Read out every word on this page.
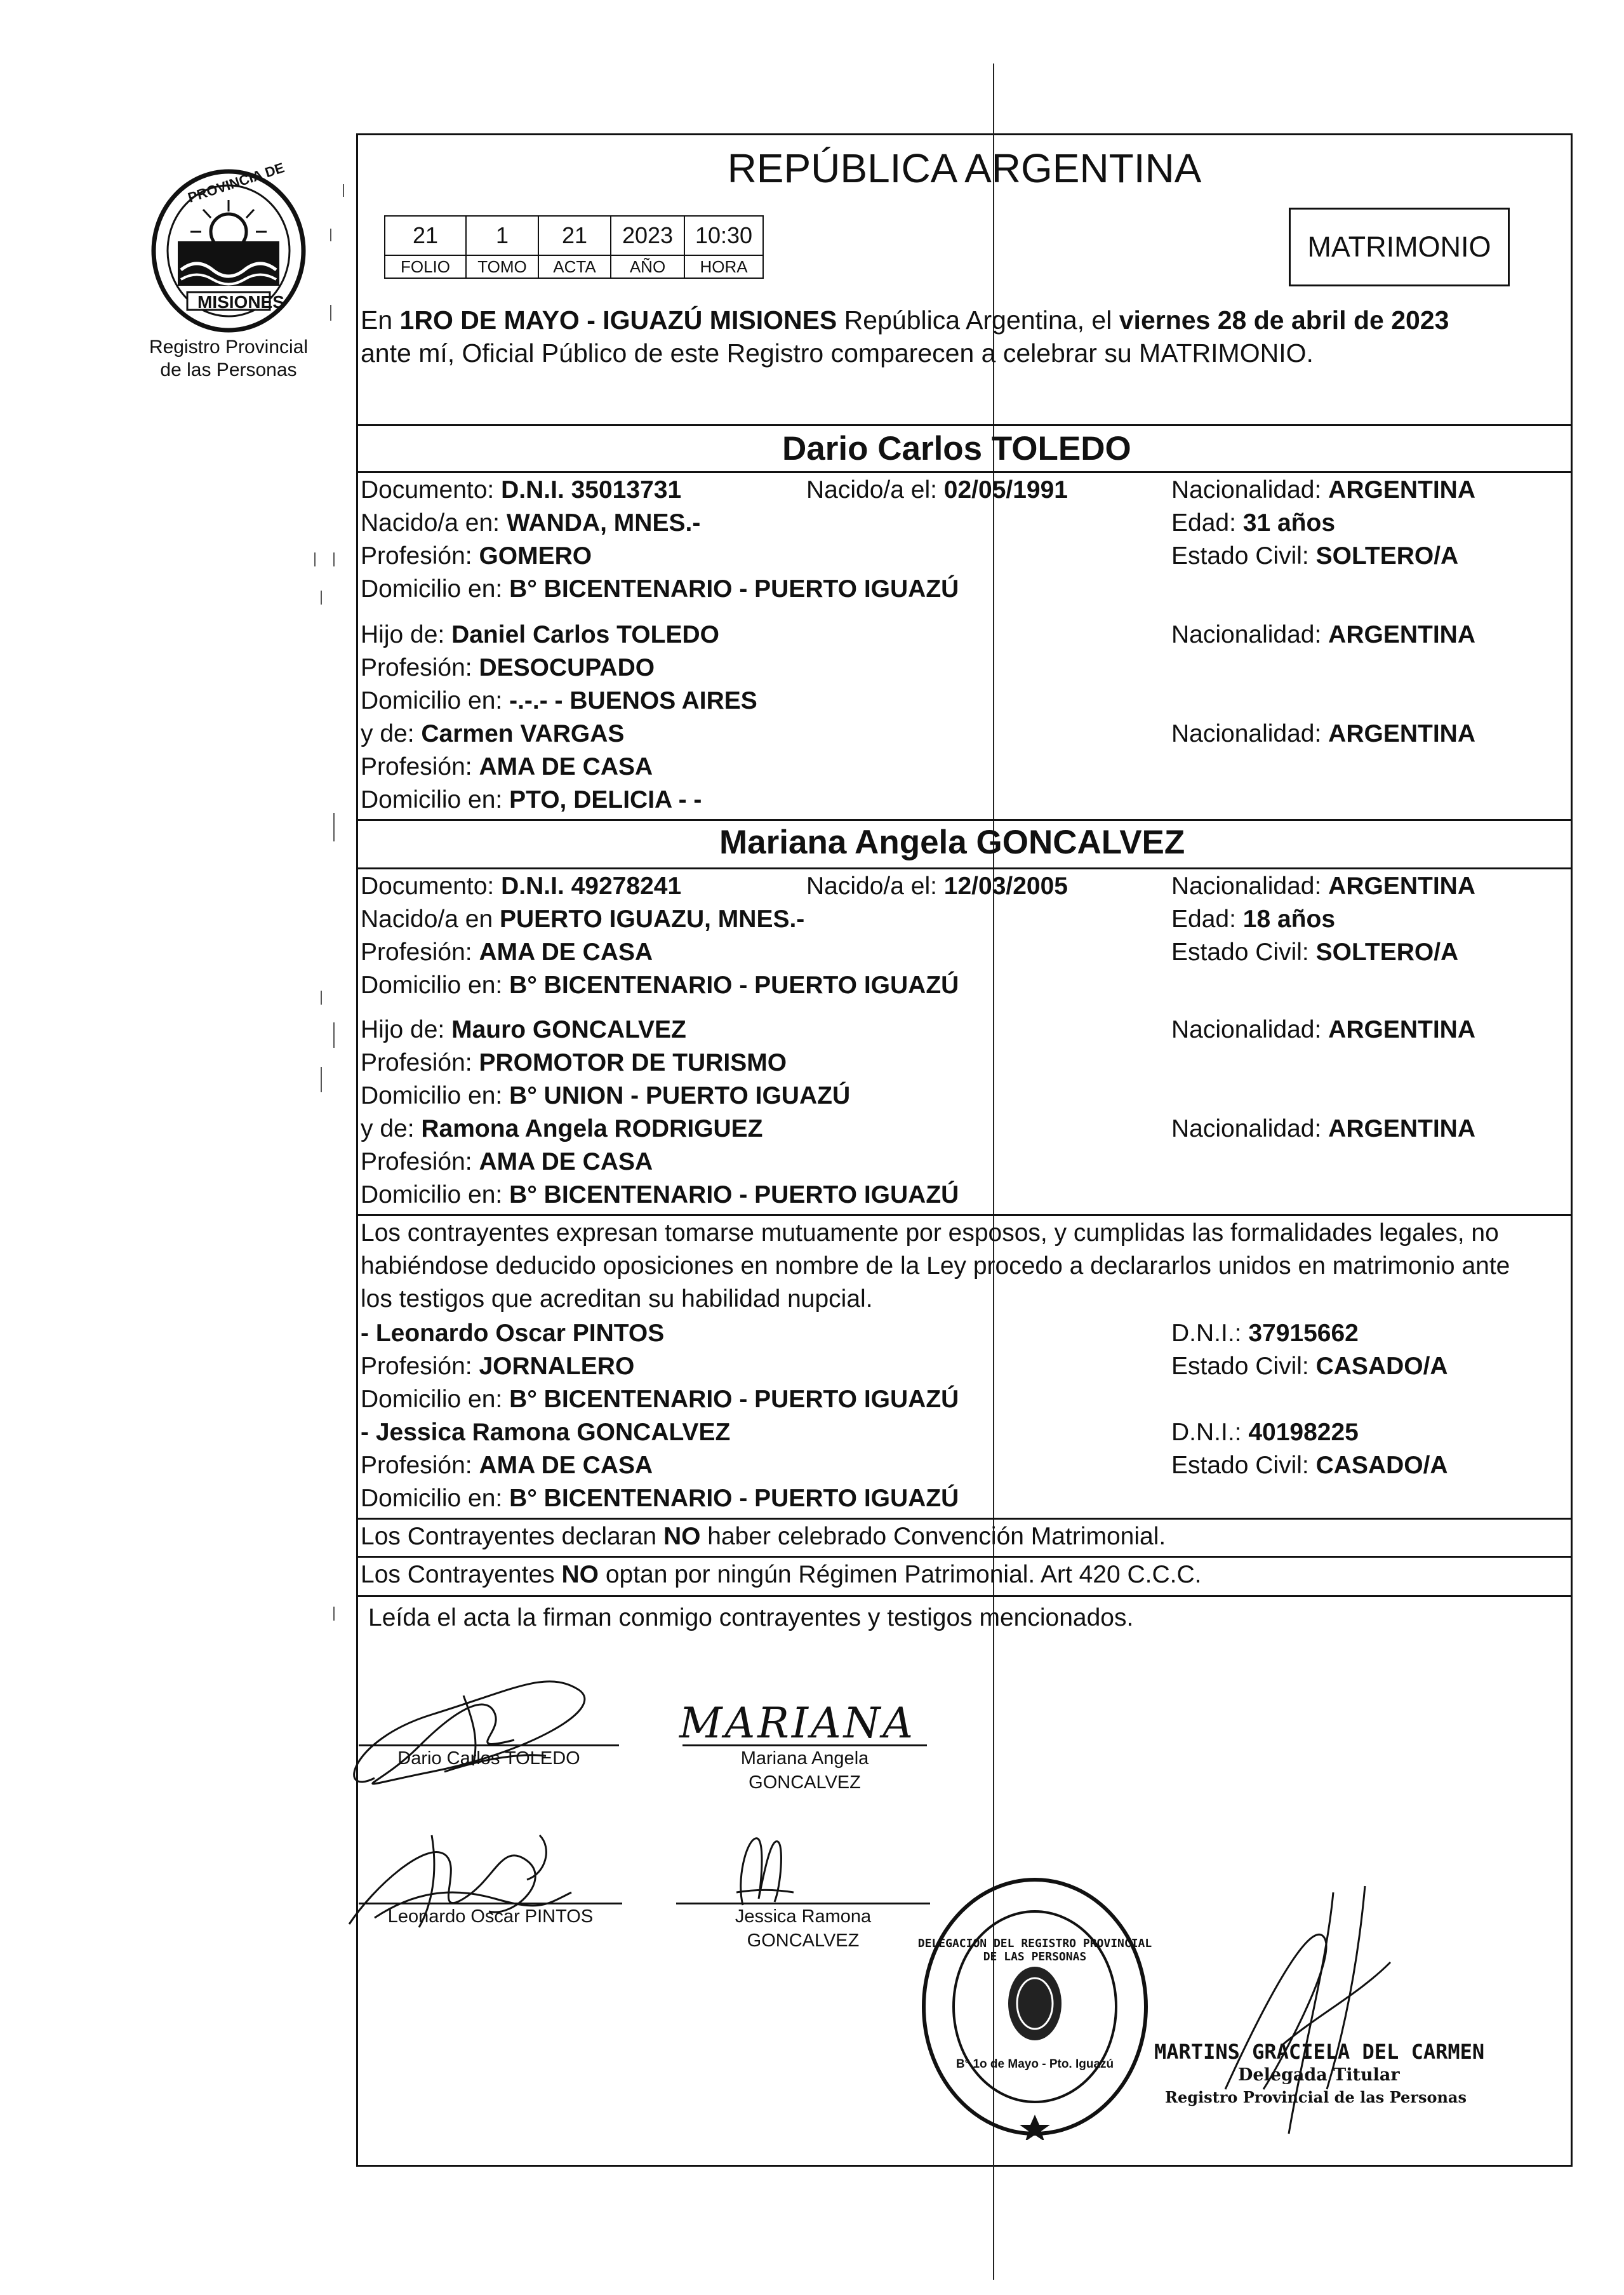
PROVINCIA DE
MISIONES
Registro Provincial
de las Personas
REPÚBLICA ARGENTINA
21	1	21	2023	10:30
FOLIO	TOMO	ACTA	AÑO	HORA
MATRIMONIO
En 1RO DE MAYO - IGUAZÚ MISIONES República Argentina, el viernes 28 de abril de 2023
ante mí, Oficial Público de este Registro comparecen a celebrar su MATRIMONIO.
Dario Carlos TOLEDO
Documento: D.N.I. 35013731	Nacido/a el: 02/05/1991	Nacionalidad: ARGENTINA
Nacido/a en: WANDA, MNES.-	Edad: 31 años
Profesión: GOMERO	Estado Civil: SOLTERO/A
Domicilio en: B° BICENTENARIO - PUERTO IGUAZÚ
Hijo de: Daniel Carlos TOLEDO	Nacionalidad: ARGENTINA
Profesión: DESOCUPADO
Domicilio en: -.-.- - BUENOS AIRES
y de: Carmen VARGAS	Nacionalidad: ARGENTINA
Profesión: AMA DE CASA
Domicilio en: PTO, DELICIA - -
Mariana Angela GONCALVEZ
Documento: D.N.I. 49278241	Nacido/a el: 12/03/2005	Nacionalidad: ARGENTINA
Nacido/a en PUERTO IGUAZU, MNES.-	Edad: 18 años
Profesión: AMA DE CASA	Estado Civil: SOLTERO/A
Domicilio en: B° BICENTENARIO - PUERTO IGUAZÚ
Hijo de: Mauro GONCALVEZ	Nacionalidad: ARGENTINA
Profesión: PROMOTOR DE TURISMO
Domicilio en: B° UNION - PUERTO IGUAZÚ
y de: Ramona Angela RODRIGUEZ	Nacionalidad: ARGENTINA
Profesión: AMA DE CASA
Domicilio en: B° BICENTENARIO - PUERTO IGUAZÚ
Los contrayentes expresan tomarse mutuamente por esposos, y cumplidas las formalidades legales, no
habiéndose deducido oposiciones en nombre de la Ley procedo a declararlos unidos en matrimonio ante
los testigos que acreditan su habilidad nupcial.
- Leonardo Oscar PINTOS	D.N.I.: 37915662
Profesión: JORNALERO	Estado Civil: CASADO/A
Domicilio en: B° BICENTENARIO - PUERTO IGUAZÚ
- Jessica Ramona GONCALVEZ	D.N.I.: 40198225
Profesión: AMA DE CASA	Estado Civil: CASADO/A
Domicilio en: B° BICENTENARIO - PUERTO IGUAZÚ
Los Contrayentes declaran NO haber celebrado Convención Matrimonial.
Los Contrayentes NO optan por ningún Régimen Patrimonial. Art 420 C.C.C.
Leída el acta la firman conmigo contrayentes y testigos mencionados.
Dario Carlos TOLEDO
MARIANA
Mariana Angela
GONCALVEZ
Leonardo Oscar PINTOS	Jessica Ramona
GONCALVEZ	DELEGACION DEL REGISTRO PROVINCIAL DE LAS PERSONAS
B° 1o de Mayo - Pto. Iguazú
MARTINS GRACIELA DEL CARMEN
Delegada Titular
Registro Provincial de las Personas
